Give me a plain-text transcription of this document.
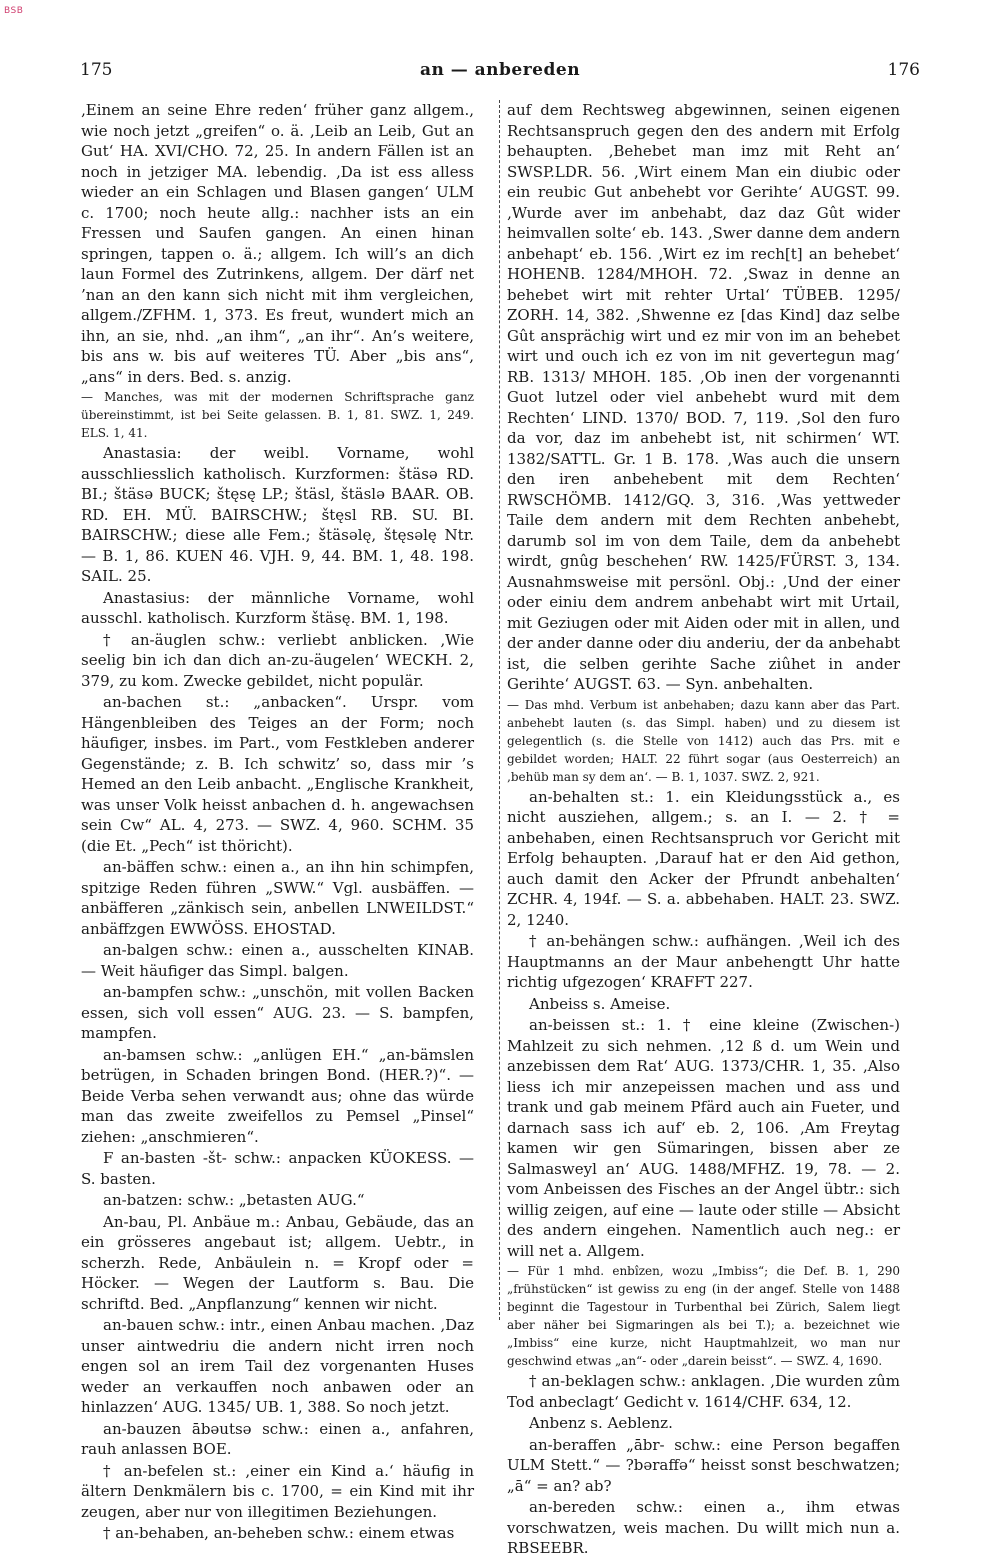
BSB
175	an — anbereden	176

‚Einem an seine Ehre reden‘ früher ganz allgem., wie noch jetzt „greifen“ o. ä. ‚Leib an Leib, Gut an Gut‘ HA. XVI/CHO. 72, 25. In andern Fällen ist an noch in jetziger MA. lebendig. ‚Da ist ess alless wieder an ein Schlagen und Blasen gangen‘ ULM c. 1700; noch heute allg.: nachher ists an ein Fressen und Saufen gangen. An einen hinan springen, tappen o. ä.; allgem. Ich will’s an dich laun Formel des Zutrinkens, allgem. Der därf net ’nan an den kann sich nicht mit ihm vergleichen, allgem./ZFHM. 1, 373. Es freut, wundert mich an ihn, an sie, nhd. „an ihm“, „an ihr“. An’s weitere, bis ans w. bis auf weiteres TÜ. Aber „bis ans“, „ans“ in ders. Bed. s. anzig.

— Manches, was mit der modernen Schriftsprache ganz übereinstimmt, ist bei Seite gelassen. B. 1, 81. SWZ. 1, 249. ELS. 1, 41.

Anastasia: der weibl. Vorname, wohl ausschliesslich katholisch. Kurzformen: štäsə RD. BI.; štäsə BUCK; štęsę LP.; štäsl, štäslə BAAR. OB. RD. EH. MÜ. BAIRSCHW.; štęsl RB. SU. BI. BAIRSCHW.; diese alle Fem.; štäsəlę, štęsəlę Ntr. — B. 1, 86. KUEN 46. VJH. 9, 44. BM. 1, 48. 198. SAIL. 25.

Anastasius: der männliche Vorname, wohl ausschl. katholisch. Kurzform štäsę. BM. 1, 198.

† an-äuglen schw.: verliebt anblicken. ‚Wie seelig bin ich dan dich an-zu-äugelen‘ WECKH. 2, 379, zu kom. Zwecke gebildet, nicht populär.

an-bachen st.: „anbacken“. Urspr. vom Hängenbleiben des Teiges an der Form; noch häufiger, insbes. im Part., vom Festkleben anderer Gegenstände; z. B. Ich schwitz’ so, dass mir ’s Hemed an den Leib anbacht. „Englische Krankheit, was unser Volk heisst anbachen d. h. angewachsen sein Cw“ AL. 4, 273. — SWZ. 4, 960. SCHM. 35 (die Et. „Pech“ ist thöricht).

an-bäffen schw.: einen a., an ihn hin schimpfen, spitzige Reden führen „SWW.“ Vgl. ausbäffen. — anbäfferen „zänkisch sein, anbellen LNWEILDST.“ anbäffzgen EWWÖSS. EHOSTAD.

an-balgen schw.: einen a., ausschelten KINAB. — Weit häufiger das Simpl. balgen.

an-bampfen schw.: „unschön, mit vollen Backen essen, sich voll essen“ AUG. 23. — S. bampfen, mampfen.

an-bamsen schw.: „anlügen EH.“ „an-bämslen betrügen, in Schaden bringen Bond. (HER.?)“. — Beide Verba sehen verwandt aus; ohne das würde man das zweite zweifellos zu Pemsel „Pinsel“ ziehen: „anschmieren“.

F an-basten -št- schw.: anpacken KÜOKESS. — S. basten.

an-batzen: schw.: „betasten AUG.“

An-bau, Pl. Anbäue m.: Anbau, Gebäude, das an ein grösseres angebaut ist; allgem. Uebtr., in scherzh. Rede, Anbäulein n. = Kropf oder = Höcker. — Wegen der Lautform s. Bau. Die schriftd. Bed. „Anpflanzung“ kennen wir nicht.

an-bauen schw.: intr., einen Anbau machen. ‚Daz unser aintwedriu die andern nicht irren noch engen sol an irem Tail dez vorgenanten Huses weder an verkauffen noch anbawen oder an hinlazzen‘ AUG. 1345/ UB. 1, 388. So noch jetzt.

an-bauzen ābəutsə schw.: einen a., anfahren, rauh anlassen BOE.

† an-befelen st.: ‚einer ein Kind a.‘ häufig in ältern Denkmälern bis c. 1700, = ein Kind mit ihr zeugen, aber nur von illegitimen Beziehungen.

† an-behaben, an-beheben schw.: einem etwas

auf dem Rechtsweg abgewinnen, seinen eigenen Rechtsanspruch gegen den des andern mit Erfolg behaupten. ‚Behebet man imz mit Reht an‘ SWSP.LDR. 56. ‚Wirt einem Man ein diubic oder ein reubic Gut anbehebt vor Gerihte‘ AUGST. 99. ‚Wurde aver im anbehabt, daz daz Gût wider heimvallen solte‘ eb. 143. ‚Swer danne dem andern anbehapt‘ eb. 156. ‚Wirt ez im rech[t] an behebet‘ HOHENB. 1284/MHOH. 72. ‚Swaz in denne an behebet wirt mit rehter Urtal‘ TÜBEB. 1295/ ZORH. 14, 382. ‚Shwenne ez [das Kind] daz selbe Gût ansprächig wirt und ez mir von im an behebet wirt und ouch ich ez von im nit gevertegun mag‘ RB. 1313/ MHOH. 185. ‚Ob inen der vorgenannti Guot lutzel oder viel anbehebt wurd mit dem Rechten‘ LIND. 1370/ BOD. 7, 119. ‚Sol den furo da vor, daz im anbehebt ist, nit schirmen‘ WT. 1382/SATTL. Gr. 1 B. 178. ‚Was auch die unsern den iren anbehebent mit dem Rechten‘ RWSCHÖMB. 1412/GQ. 3, 316. ‚Was yettweder Taile dem andern mit dem Rechten anbehebt, darumb sol im von dem Taile, dem da anbehebt wirdt, gnûg beschehen‘ RW. 1425/FÜRST. 3, 134. Ausnahmsweise mit persönl. Obj.: ‚Und der einer oder einiu dem andrem anbehabt wirt mit Urtail, mit Geziugen oder mit Aiden oder mit in allen, und der ander danne oder diu anderiu, der da anbehabt ist, die selben gerihte Sache ziûhet in ander Gerihte‘ AUGST. 63. — Syn. anbehalten.

— Das mhd. Verbum ist anbehaben; dazu kann aber das Part. anbehebt lauten (s. das Simpl. haben) und zu diesem ist gelegentlich (s. die Stelle von 1412) auch das Prs. mit e gebildet worden; HALT. 22 führt sogar (aus Oesterreich) an ‚behüb man sy dem an‘. — B. 1, 1037. SWZ. 2, 921.

an-behalten st.: 1. ein Kleidungsstück a., es nicht ausziehen, allgem.; s. an I. — 2. † = anbehaben, einen Rechtsanspruch vor Gericht mit Erfolg behaupten. ‚Darauf hat er den Aid gethon, auch damit den Acker der Pfrundt anbehalten‘ ZCHR. 4, 194f. — S. a. abbehaben. HALT. 23. SWZ. 2, 1240.

† an-behängen schw.: aufhängen. ‚Weil ich des Hauptmanns an der Maur anbehengtt Uhr hatte richtig ufgezogen‘ KRAFFT 227.

Anbeiss s. Ameise.

an-beissen st.: 1. † eine kleine (Zwischen-) Mahlzeit zu sich nehmen. ‚12 ß d. um Wein und anzebissen dem Rat‘ AUG. 1373/CHR. 1, 35. ‚Also liess ich mir anzepeissen machen und ass und trank und gab meinem Pfärd auch ain Fueter, und darnach sass ich auf‘ eb. 2, 106. ‚Am Freytag kamen wir gen Sümaringen, bissen aber ze Salmasweyl an‘ AUG. 1488/MFHZ. 19, 78. — 2. vom Anbeissen des Fisches an der Angel übtr.: sich willig zeigen, auf eine — laute oder stille — Absicht des andern eingehen. Namentlich auch neg.: er will net a. Allgem.

— Für 1 mhd. enbîzen, wozu „Imbiss“; die Def. B. 1, 290 „frühstücken“ ist gewiss zu eng (in der angef. Stelle von 1488 beginnt die Tagestour in Turbenthal bei Zürich, Salem liegt aber näher bei Sigmaringen als bei T.); a. bezeichnet wie „Imbiss“ eine kurze, nicht Hauptmahlzeit, wo man nur geschwind etwas „an“- oder „darein beisst“. — SWZ. 4, 1690.

† an-beklagen schw.: anklagen. ‚Die wurden zûm Tod anbeclagt‘ Gedicht v. 1614/CHF. 634, 12.

Anbenz s. Aeblenz.

an-beraffen „ābr- schw.: eine Person begaffen ULM Stett.“ — ?bəraffə“ heisst sonst beschwatzen; „ā“ = an? ab?

an-bereden schw.: einen a., ihm etwas vorschwatzen, weis machen. Du willt mich nun a. RBSEEBR.
